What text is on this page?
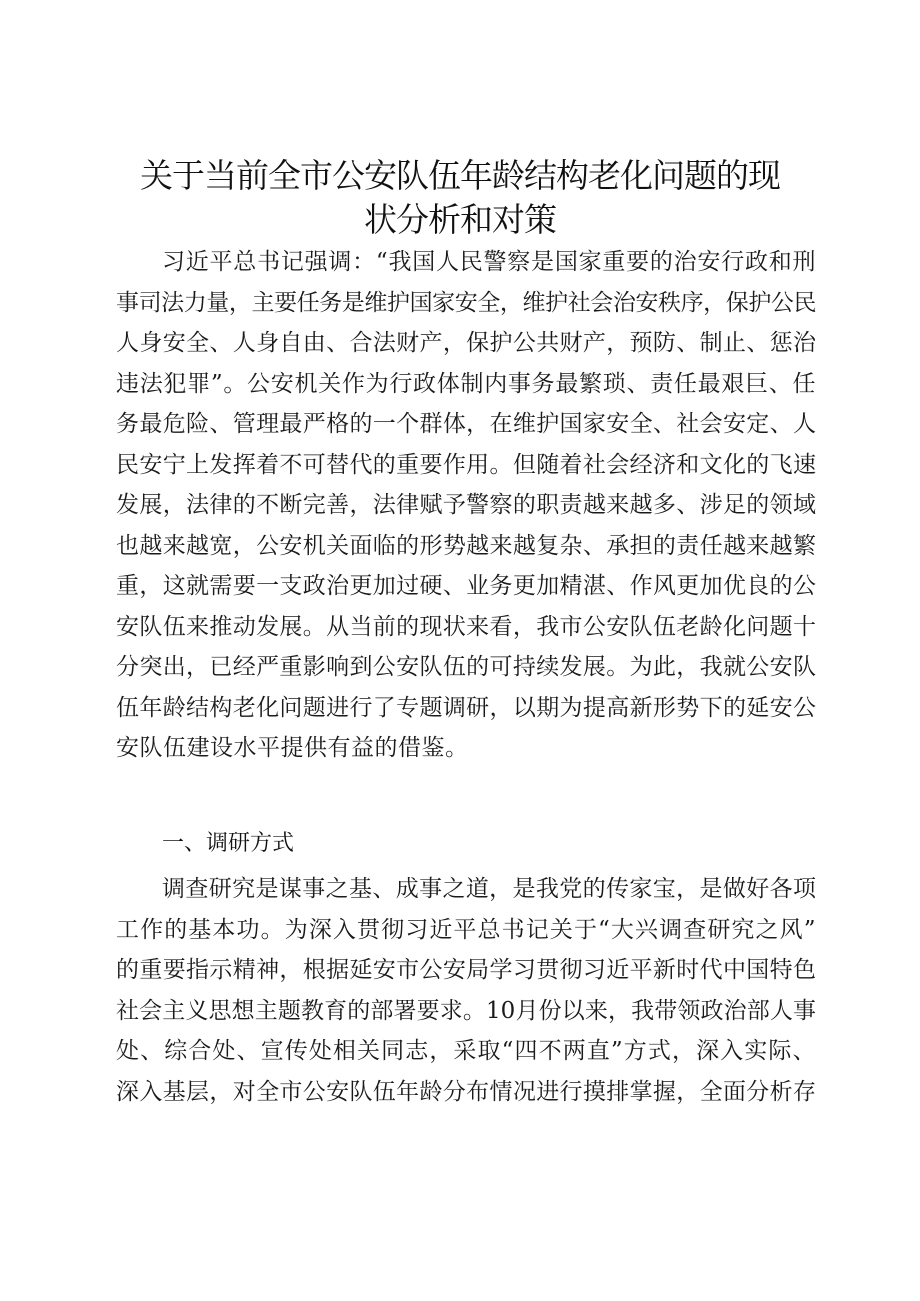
关于当前全市公安队伍年龄结构老化问题的现
状分析和对策
习近平总书记强调：“我国人民警察是国家重要的治安行政和刑
事司法力量，主要任务是维护国家安全，维护社会治安秩序，保护公民
人身安全、人身自由、合法财产，保护公共财产，预防、制止、惩治
违法犯罪”。公安机关作为行政体制内事务最繁琐、责任最艰巨、任
务最危险、管理最严格的一个群体，在维护国家安全、社会安定、人
民安宁上发挥着不可替代的重要作用。但随着社会经济和文化的飞速
发展，法律的不断完善，法律赋予警察的职责越来越多、涉足的领域
也越来越宽，公安机关面临的形势越来越复杂、承担的责任越来越繁
重，这就需要一支政治更加过硬、业务更加精湛、作风更加优良的公
安队伍来推动发展。从当前的现状来看，我市公安队伍老龄化问题十
分突出，已经严重影响到公安队伍的可持续发展。为此，我就公安队
伍年龄结构老化问题进行了专题调研，以期为提高新形势下的延安公
安队伍建设水平提供有益的借鉴。
一、调研方式
调查研究是谋事之基、成事之道，是我党的传家宝，是做好各项
工作的基本功。为深入贯彻习近平总书记关于“大兴调查研究之风”
的重要指示精神，根据延安市公安局学习贯彻习近平新时代中国特色
社会主义思想主题教育的部署要求。10月份以来，我带领政治部人事
处、综合处、宣传处相关同志，采取“四不两直”方式，深入实际、
深入基层，对全市公安队伍年龄分布情况进行摸排掌握，全面分析存
